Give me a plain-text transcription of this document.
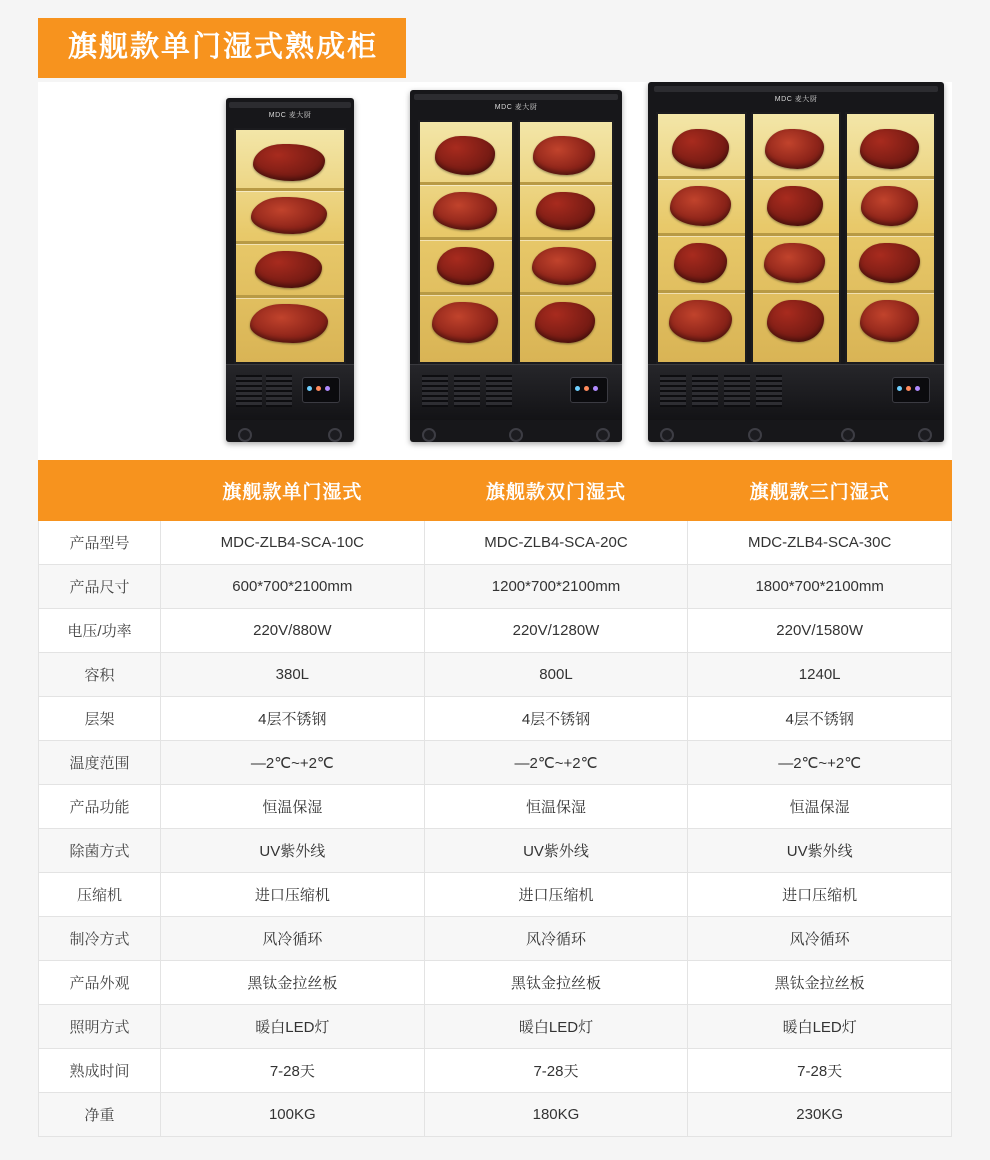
旗舰款单门湿式熟成柜
MDC 麦大厨
MDC 麦大厨
MDC 麦大厨
	旗舰款单门湿式	旗舰款双门湿式	旗舰款三门湿式
产品型号	MDC-ZLB4-SCA-10C	MDC-ZLB4-SCA-20C	MDC-ZLB4-SCA-30C
产品尺寸	600*700*2100mm	1200*700*2100mm	1800*700*2100mm
电压/功率	220V/880W	220V/1280W	220V/1580W
容积	380L	800L	1240L
层架	4层不锈钢	4层不锈钢	4层不锈钢
温度范围	—2℃~+2℃	—2℃~+2℃	—2℃~+2℃
产品功能	恒温保湿	恒温保湿	恒温保湿
除菌方式	UV紫外线	UV紫外线	UV紫外线
压缩机	进口压缩机	进口压缩机	进口压缩机
制冷方式	风冷循环	风冷循环	风冷循环
产品外观	黑钛金拉丝板	黑钛金拉丝板	黑钛金拉丝板
照明方式	暖白LED灯	暖白LED灯	暖白LED灯
熟成时间	7-28天	7-28天	7-28天
净重	100KG	180KG	230KG
